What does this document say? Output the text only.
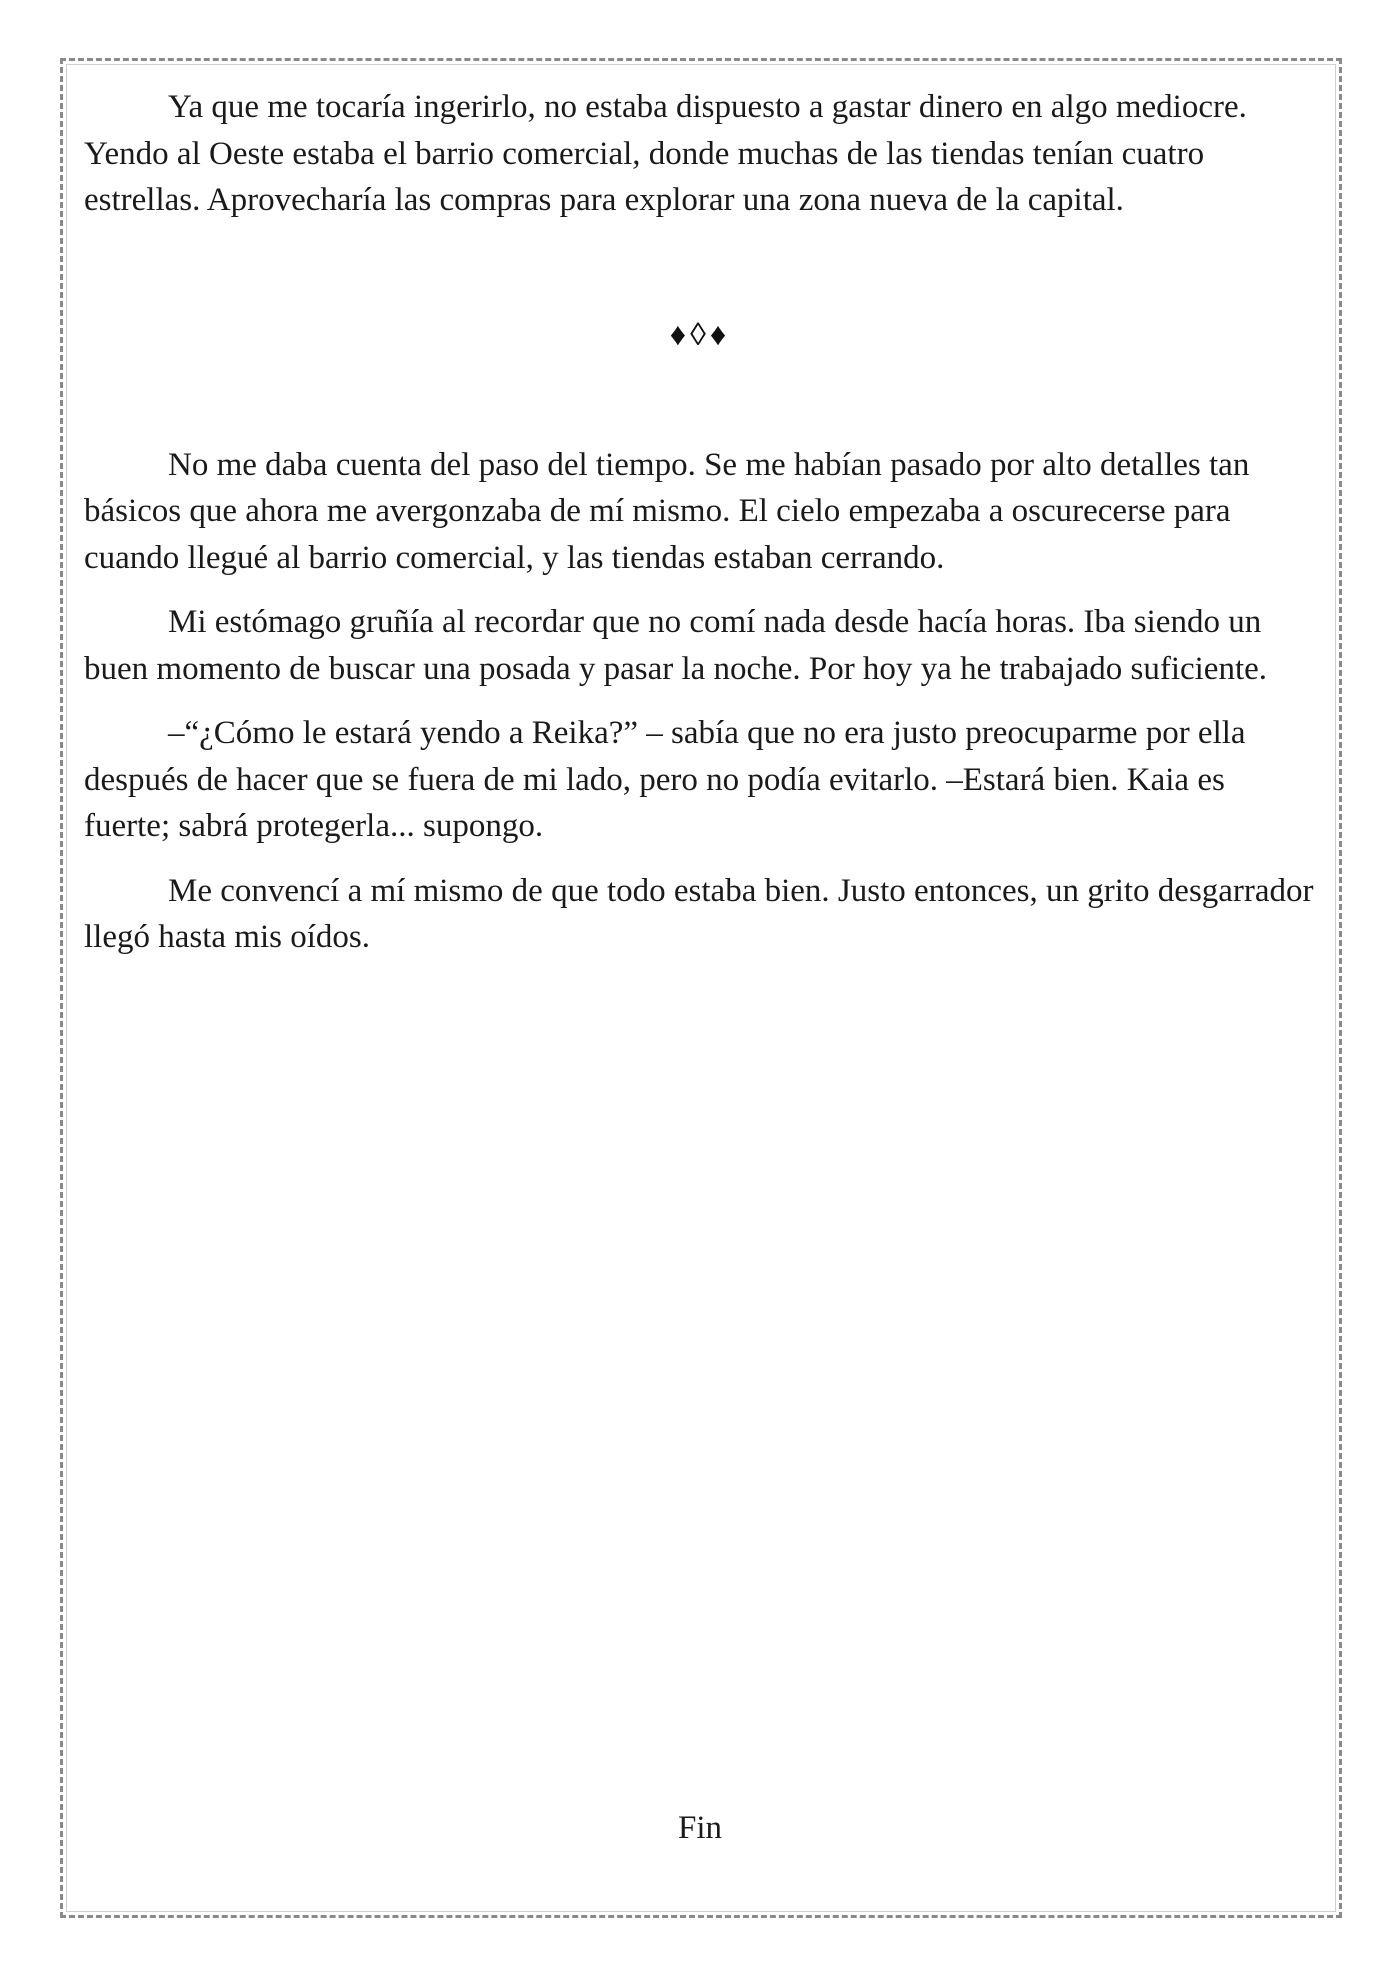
Ya que me tocaría ingerirlo, no estaba dispuesto a gastar dinero en algo mediocre. Yendo al Oeste estaba el barrio comercial, donde muchas de las tiendas tenían cuatro estrellas. Aprovecharía las compras para explorar una zona nueva de la capital.

♦◊♦

No me daba cuenta del paso del tiempo. Se me habían pasado por alto detalles tan básicos que ahora me avergonzaba de mí mismo. El cielo empezaba a oscurecerse para cuando llegué al barrio comercial, y las tiendas estaban cerrando.

Mi estómago gruñía al recordar que no comí nada desde hacía horas. Iba siendo un buen momento de buscar una posada y pasar la noche. Por hoy ya he trabajado suficiente.

–“¿Cómo le estará yendo a Reika?” – sabía que no era justo preocuparme por ella después de hacer que se fuera de mi lado, pero no podía evitarlo. –Estará bien. Kaia es fuerte; sabrá protegerla... supongo.

Me convencí a mí mismo de que todo estaba bien. Justo entonces, un grito desgarrador llegó hasta mis oídos.

Fin
